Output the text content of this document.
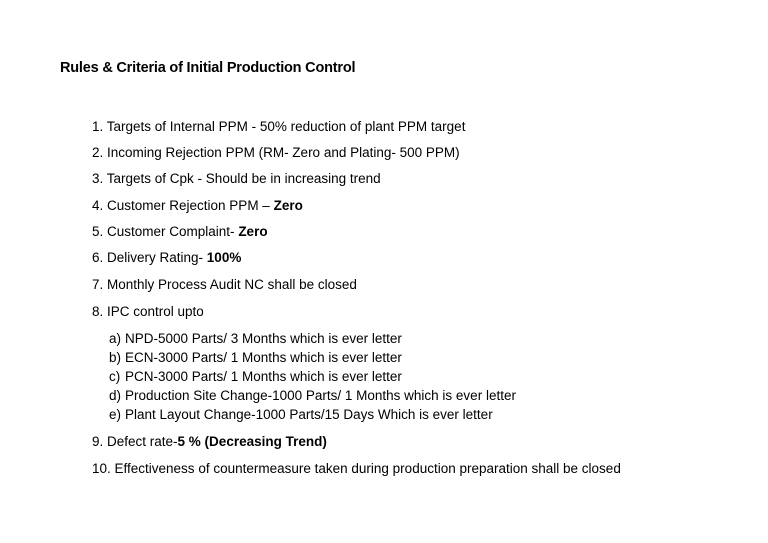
Rules & Criteria of Initial Production Control
1. Targets of Internal PPM - 50% reduction of plant PPM target
2. Incoming Rejection PPM (RM- Zero and Plating- 500 PPM)
3. Targets of Cpk - Should be in increasing trend
4. Customer Rejection PPM – Zero
5. Customer Complaint- Zero
6. Delivery Rating- 100%
7. Monthly Process Audit NC shall be closed
8. IPC control upto
a) NPD-5000 Parts/ 3 Months which is ever letter
b) ECN-3000 Parts/ 1 Months which is ever letter
c) PCN-3000 Parts/ 1 Months which is ever letter
d) Production Site Change-1000 Parts/ 1 Months which is ever letter
e) Plant Layout Change-1000 Parts/15 Days Which is ever letter
9. Defect rate-5 % (Decreasing Trend)
10. Effectiveness of countermeasure taken during production preparation shall be closed
